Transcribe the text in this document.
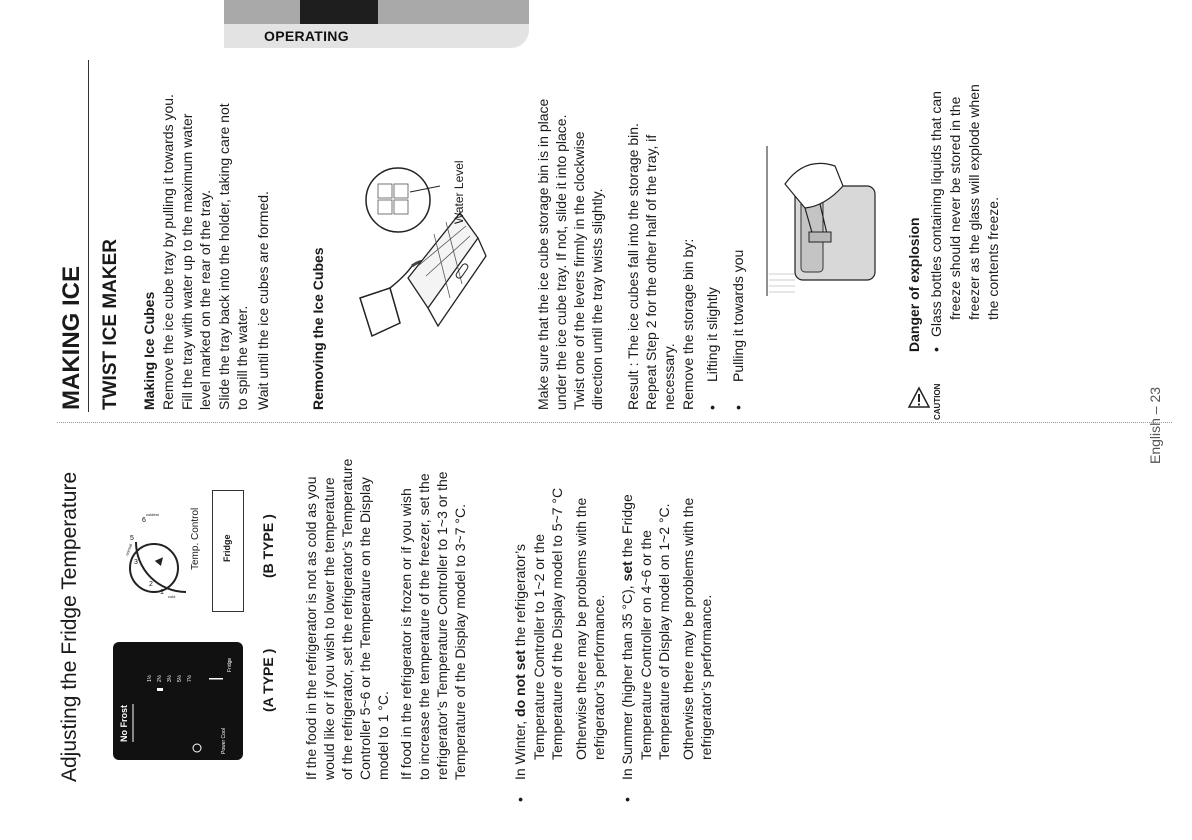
OPERATING
Adjusting the Fridge Temperature	No Frost
1½ 2½ 3½ 5½ 7½
Power Cool
Fridge (A TYPE )
1
2
3
5
6
cold
normal
coldest	Temp. Control Fridge (B TYPE ) If the food in the refrigerator is not as cold as you would like or if you wish to lower the temperature of the refrigerator, set the refrigerator’s Temperature Controller 5~6 or the Temperature on the Display model to 1 °C. If food in the refrigerator is frozen or if you wish to increase the temperature of the freezer, set the refrigerator’s Temperature Controller to 1~3 or the Temperature of the Display model to 3~7 °C.
•
In Winter, do not set the refrigerator’s Temperature Controller to 1~2 or the Temperature of the Display model to 5~7 °C Otherwise there may be problems with the refrigerator’s performance.
•
In Summer (higher than 35 °C), set the Fridge
Temperature Controller on 4~6 or the Temperature of Display model on 1~2 °C. Otherwise there may be problems with the refrigerator’s performance.
MAKING ICE TWIST ICE MAKER Making Ice Cubes Remove the ice cube tray by pulling it towards you. Fill the tray with water up to the maximum water level marked on the rear of the tray. Slide the tray back into the holder, taking care not to spill the water. Wait until the ice cubes are formed.	Removing the Ice Cubes
Water Level	Make sure that the ice cube storage bin is in place under the ice cube tray. If not, slide it into place. Twist one of the levers firmly in the clockwise direction until the tray twists slightly. Result : The ice cubes fall into the storage bin. Repeat Step 2 for the other half of the tray, if necessary. Remove the storage bin by: •
Lifting it slightly
•
Pulling it towards you
CAUTION
Danger of explosion •
Glass bottles containing liquids that can freeze should never be stored in the freezer as the glass will explode when the contents freeze.
English – 23
